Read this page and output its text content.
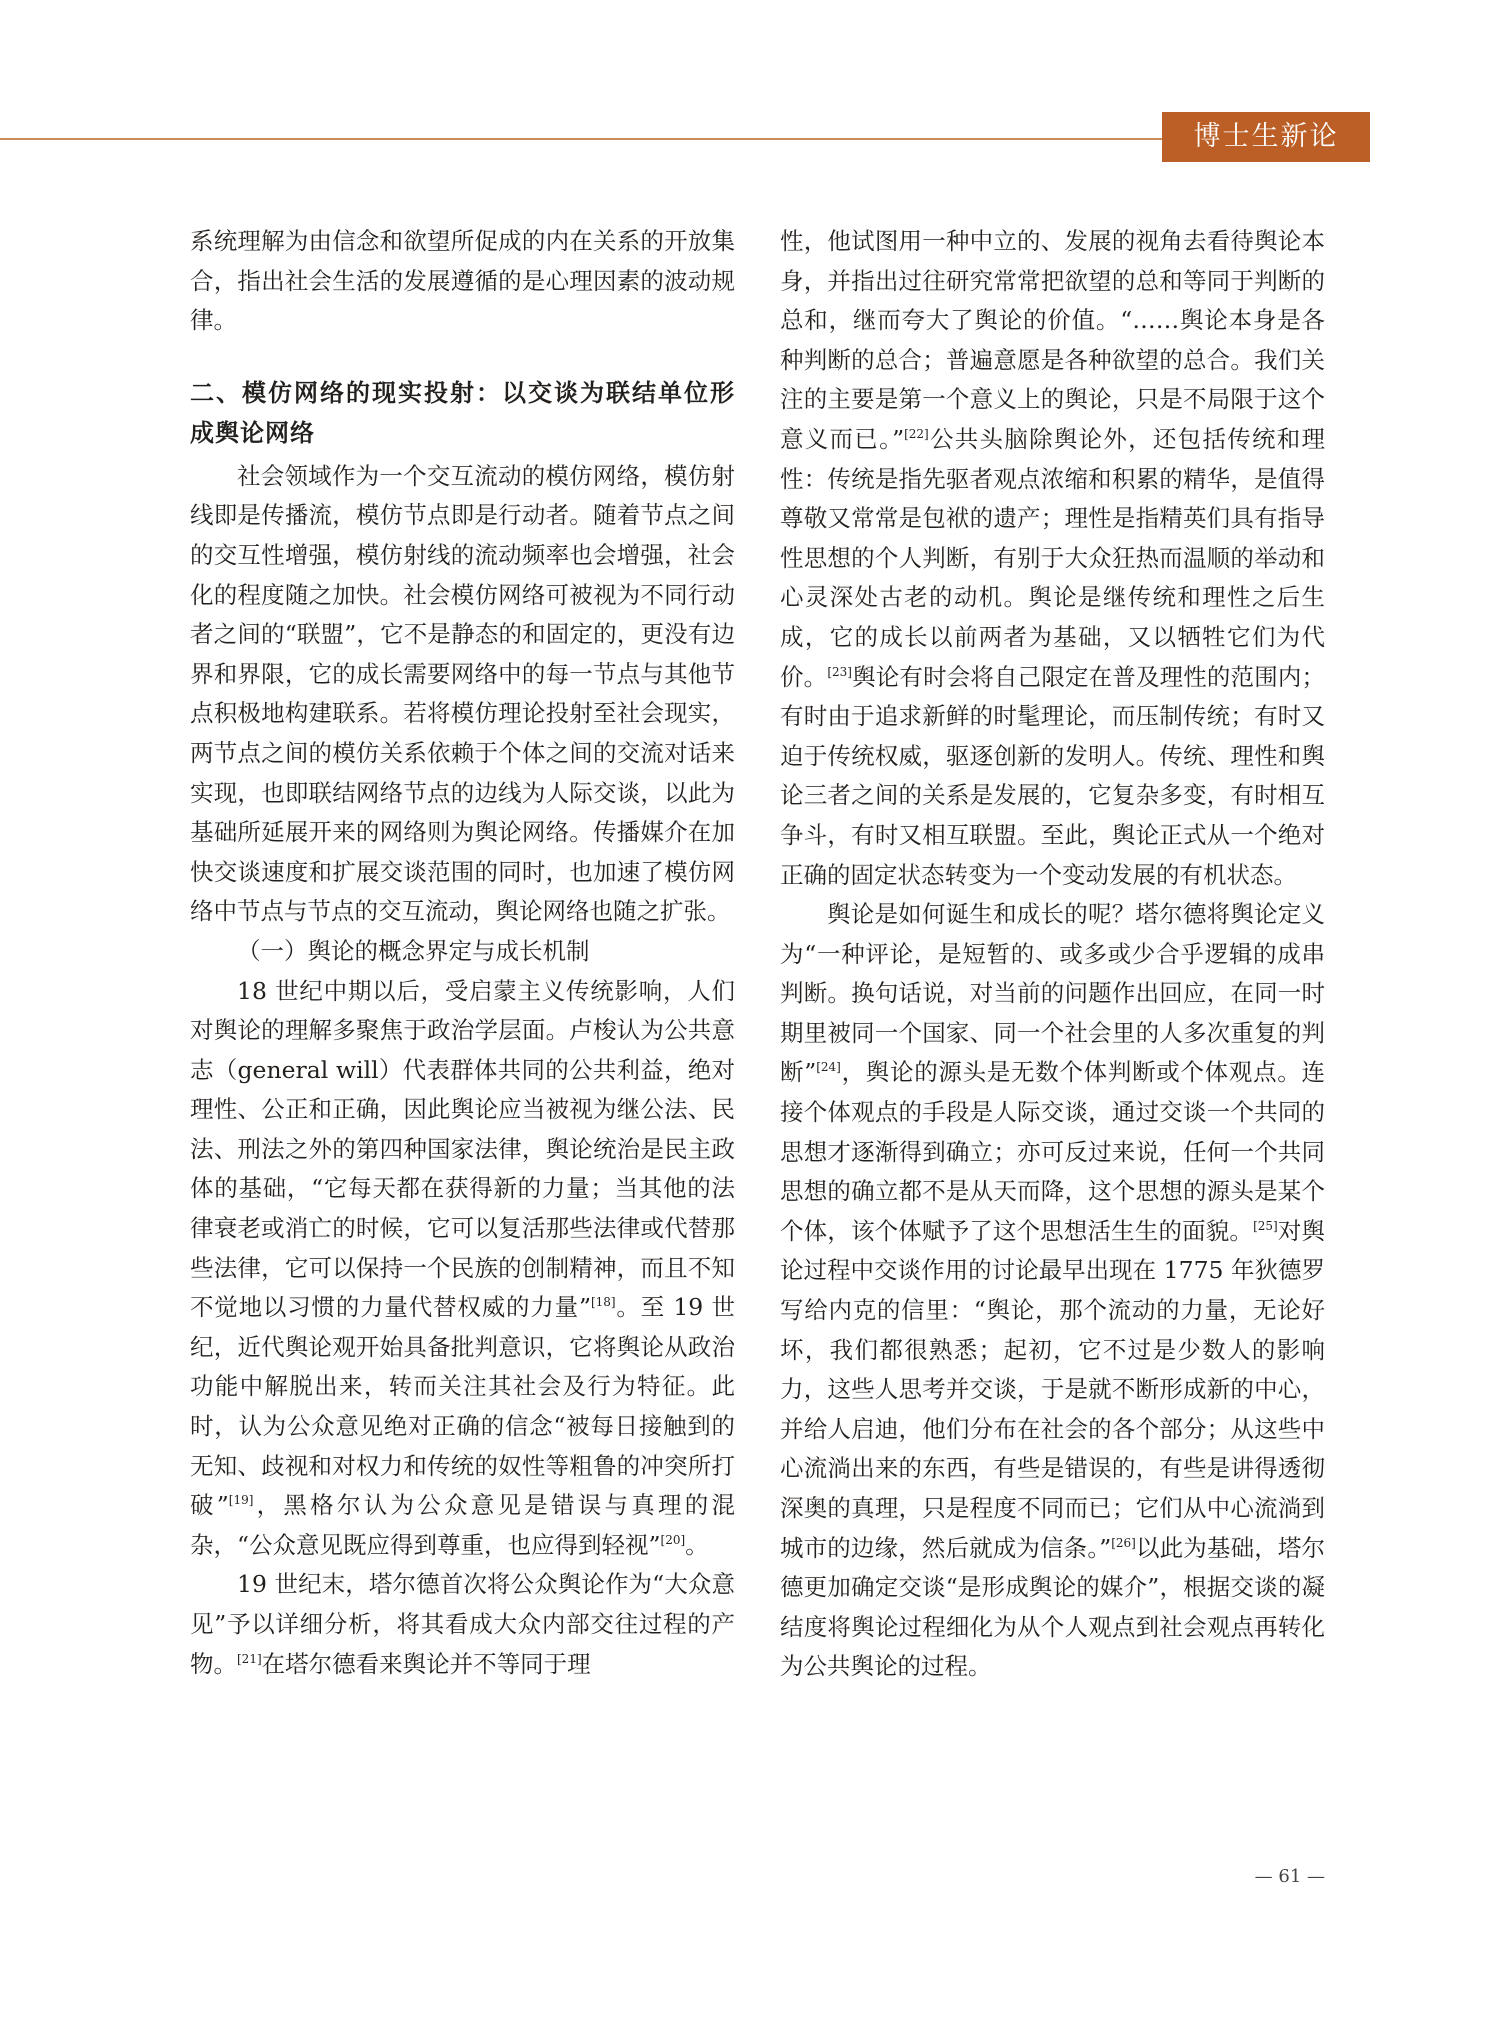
博士生新论

系统理解为由信念和欲望所促成的内在关系的开放集合，指出社会生活的发展遵循的是心理因素的波动规律。

二、模仿网络的现实投射：以交谈为联结单位形成舆论网络

社会领域作为一个交互流动的模仿网络，模仿射线即是传播流，模仿节点即是行动者。随着节点之间的交互性增强，模仿射线的流动频率也会增强，社会化的程度随之加快。社会模仿网络可被视为不同行动者之间的“联盟”，它不是静态的和固定的，更没有边界和界限，它的成长需要网络中的每一节点与其他节点积极地构建联系。若将模仿理论投射至社会现实，两节点之间的模仿关系依赖于个体之间的交流对话来实现，也即联结网络节点的边线为人际交谈，以此为基础所延展开来的网络则为舆论网络。传播媒介在加快交谈速度和扩展交谈范围的同时，也加速了模仿网络中节点与节点的交互流动，舆论网络也随之扩张。

（一）舆论的概念界定与成长机制

18 世纪中期以后，受启蒙主义传统影响，人们对舆论的理解多聚焦于政治学层面。卢梭认为公共意志（general will）代表群体共同的公共利益，绝对理性、公正和正确，因此舆论应当被视为继公法、民法、刑法之外的第四种国家法律，舆论统治是民主政体的基础，“它每天都在获得新的力量；当其他的法律衰老或消亡的时候，它可以复活那些法律或代替那些法律，它可以保持一个民族的创制精神，而且不知不觉地以习惯的力量代替权威的力量”[18]。至 19 世纪，近代舆论观开始具备批判意识，它将舆论从政治功能中解脱出来，转而关注其社会及行为特征。此时，认为公众意见绝对正确的信念“被每日接触到的无知、歧视和对权力和传统的奴性等粗鲁的冲突所打破”[19]，黑格尔认为公众意见是错误与真理的混杂，“公众意见既应得到尊重，也应得到轻视”[20]。

19 世纪末，塔尔德首次将公众舆论作为“大众意见”予以详细分析，将其看成大众内部交往过程的产物。[21]在塔尔德看来舆论并不等同于理

性，他试图用一种中立的、发展的视角去看待舆论本身，并指出过往研究常常把欲望的总和等同于判断的总和，继而夸大了舆论的价值。“……舆论本身是各种判断的总合；普遍意愿是各种欲望的总合。我们关注的主要是第一个意义上的舆论，只是不局限于这个意义而已。”[22]公共头脑除舆论外，还包括传统和理性：传统是指先驱者观点浓缩和积累的精华，是值得尊敬又常常是包袱的遗产；理性是指精英们具有指导性思想的个人判断，有别于大众狂热而温顺的举动和心灵深处古老的动机。舆论是继传统和理性之后生成，它的成长以前两者为基础，又以牺牲它们为代价。[23]舆论有时会将自己限定在普及理性的范围内；有时由于追求新鲜的时髦理论，而压制传统；有时又迫于传统权威，驱逐创新的发明人。传统、理性和舆论三者之间的关系是发展的，它复杂多变，有时相互争斗，有时又相互联盟。至此，舆论正式从一个绝对正确的固定状态转变为一个变动发展的有机状态。

舆论是如何诞生和成长的呢？塔尔德将舆论定义为“一种评论，是短暂的、或多或少合乎逻辑的成串判断。换句话说，对当前的问题作出回应，在同一时期里被同一个国家、同一个社会里的人多次重复的判断”[24]，舆论的源头是无数个体判断或个体观点。连接个体观点的手段是人际交谈，通过交谈一个共同的思想才逐渐得到确立；亦可反过来说，任何一个共同思想的确立都不是从天而降，这个思想的源头是某个个体，该个体赋予了这个思想活生生的面貌。[25]对舆论过程中交谈作用的讨论最早出现在 1775 年狄德罗写给内克的信里：“舆论，那个流动的力量，无论好坏，我们都很熟悉；起初，它不过是少数人的影响力，这些人思考并交谈，于是就不断形成新的中心，并给人启迪，他们分布在社会的各个部分；从这些中心流淌出来的东西，有些是错误的，有些是讲得透彻深奥的真理，只是程度不同而已；它们从中心流淌到城市的边缘，然后就成为信条。”[26]以此为基础，塔尔德更加确定交谈“是形成舆论的媒介”，根据交谈的凝结度将舆论过程细化为从个人观点到社会观点再转化为公共舆论的过程。

— 61 —
